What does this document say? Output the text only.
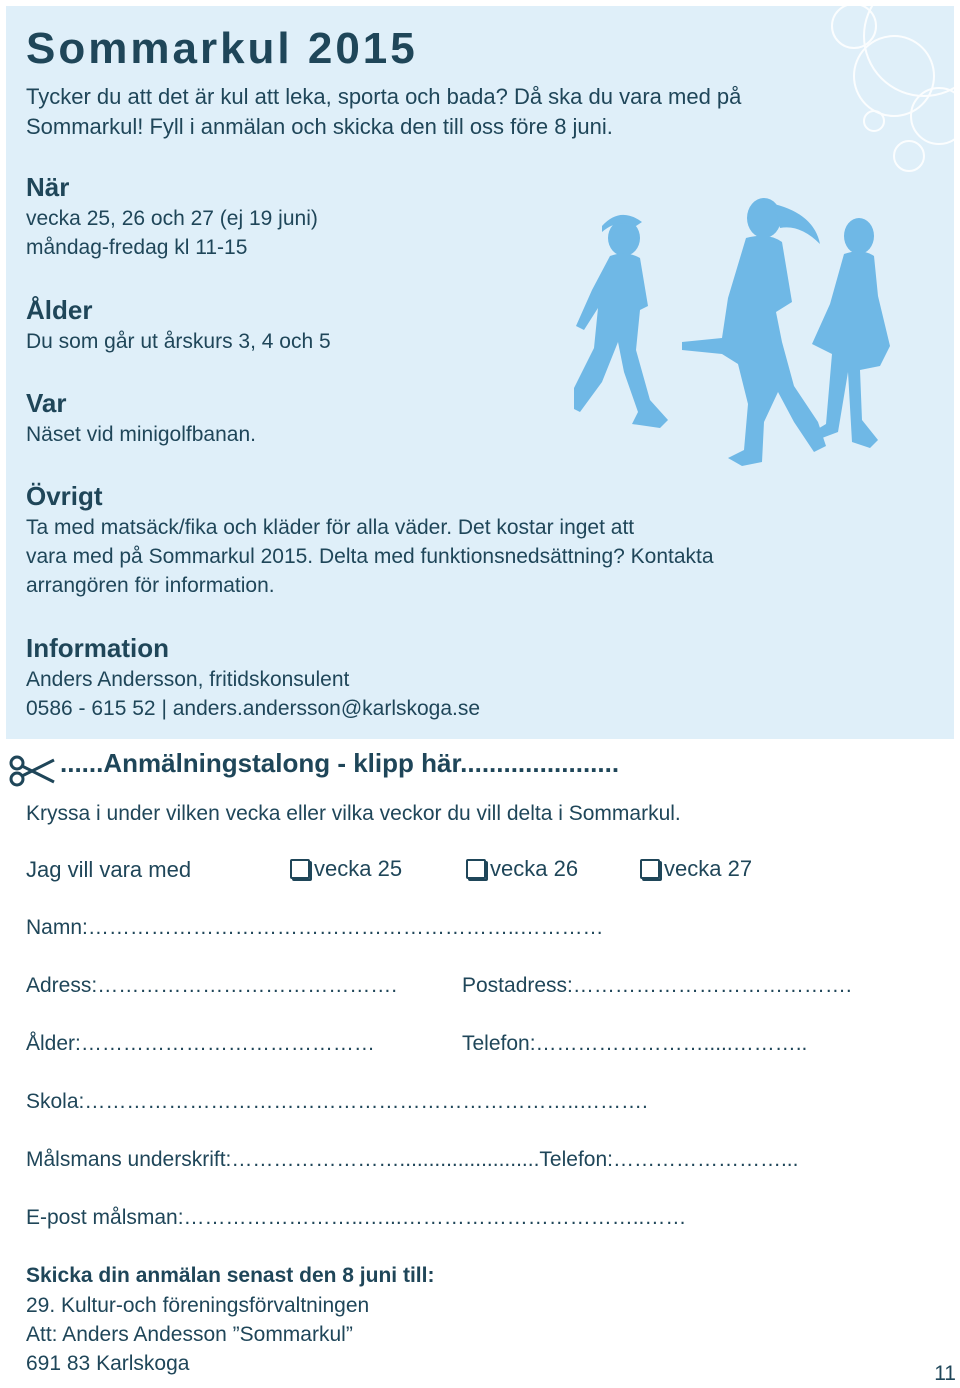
Sommarkul 2015
Tycker du att det är kul att leka, sporta och bada? Då ska du vara med på Sommarkul! Fyll i anmälan och skicka den till oss före 8 juni.
När
vecka 25, 26 och 27 (ej 19 juni)
måndag-fredag kl 11-15
Ålder
Du som går ut årskurs 3, 4 och 5
Var
Näset vid minigolfbanan.
Övrigt
Ta med matsäck/fika och kläder för alla väder. Det kostar inget att
vara med på Sommarkul 2015. Delta med funktionsnedsättning? Kontakta
arrangören för information.
Information
Anders Andersson, fritidskonsulent
0586 - 615 52 | anders.andersson@karlskoga.se
......Anmälningstalong - klipp här......................
Kryssa i under vilken vecka eller vilka veckor du vill delta i Sommarkul.
Jag vill vara med	vecka 25	vecka 26	vecka 27
Namn:……………………………………………………..…………
Adress:…………………………………….	Postadress:………………………………….
Ålder:……………………………………	Telefon:…………………….....………..
Skola:……………………………………………………………..……….
Målsmans underskrift:……………………........................Telefon:……………………...
E-post målsman:……………………..…...……………………………..……
Skicka din anmälan senast den 8 juni till:
29. Kultur-och föreningsförvaltningen
Att: Anders Andesson ”Sommarkul”
691 83 Karlskoga	11
